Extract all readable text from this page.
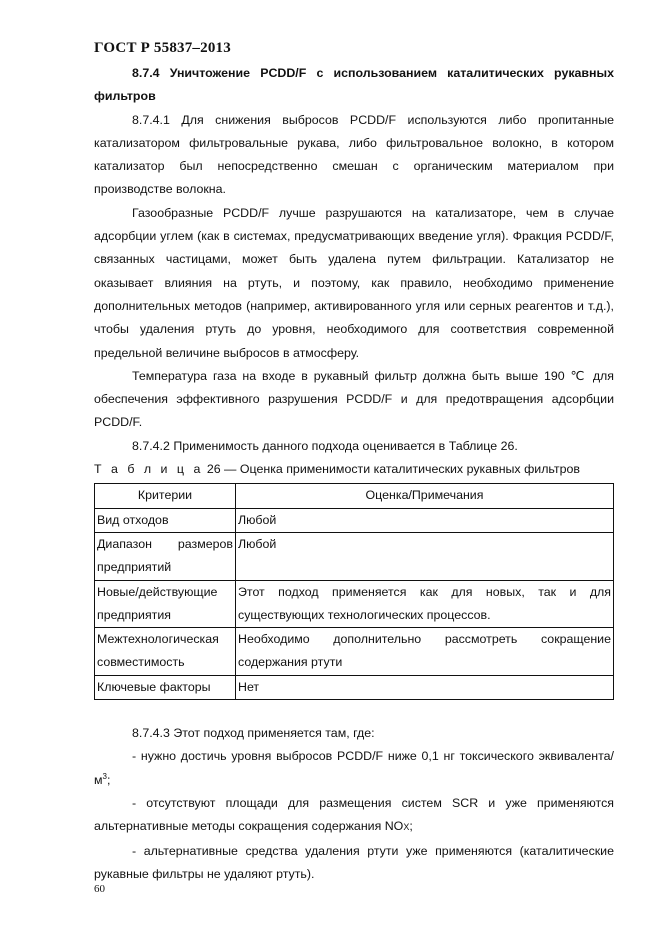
ГОСТ Р 55837–2013

8.7.4 Уничтожение PCDD/F с использованием каталитических рукавных фильтров

8.7.4.1 Для снижения выбросов PCDD/F используются либо пропитанные катализатором фильтровальные рукава, либо фильтровальное волокно, в котором катализатор был непосредственно смешан с органическим материалом при производстве волокна.

Газообразные PCDD/F лучше разрушаются на катализаторе, чем в случае адсорбции углем (как в системах, предусматривающих введение угля). Фракция PCDD/F, связанных частицами, может быть удалена путем фильтрации. Катализатор не оказывает влияния на ртуть, и поэтому, как правило, необходимо применение дополнительных методов (например, активированного угля или серных реагентов и т.д.), чтобы удаления ртуть до уровня, необходимого для соответствия современной предельной величине выбросов в атмосферу.

Температура газа на входе в рукавный фильтр должна быть выше 190 ℃ для обеспечения эффективного разрушения PCDD/F и для предотвращения адсорбции PCDD/F.

8.7.4.2 Применимость данного подхода оценивается в Таблице 26.

Т а б л и ц а 26 — Оценка применимости каталитических рукавных фильтров

Критерии	Оценка/Примечания
Вид отходов	Любой
Диапазон размеров предприятий	Любой
Новые/действующие предприятия	Этот подход применяется как для новых, так и для существующих технологических процессов.
Межтехнологическая совместимость	Необходимо дополнительно рассмотреть сокращение содержания ртути
Ключевые факторы	Нет

8.7.4.3 Этот подход применяется там, где:

- нужно достичь уровня выбросов PCDD/F ниже 0,1 нг токсического эквивалента/$м^3$;

- отсутствуют площади для размещения систем SCR и уже применяются альтернативные методы сокращения содержания NOX;

- альтернативные средства удаления ртути уже применяются (каталитические рукавные фильтры не удаляют ртуть).

60
